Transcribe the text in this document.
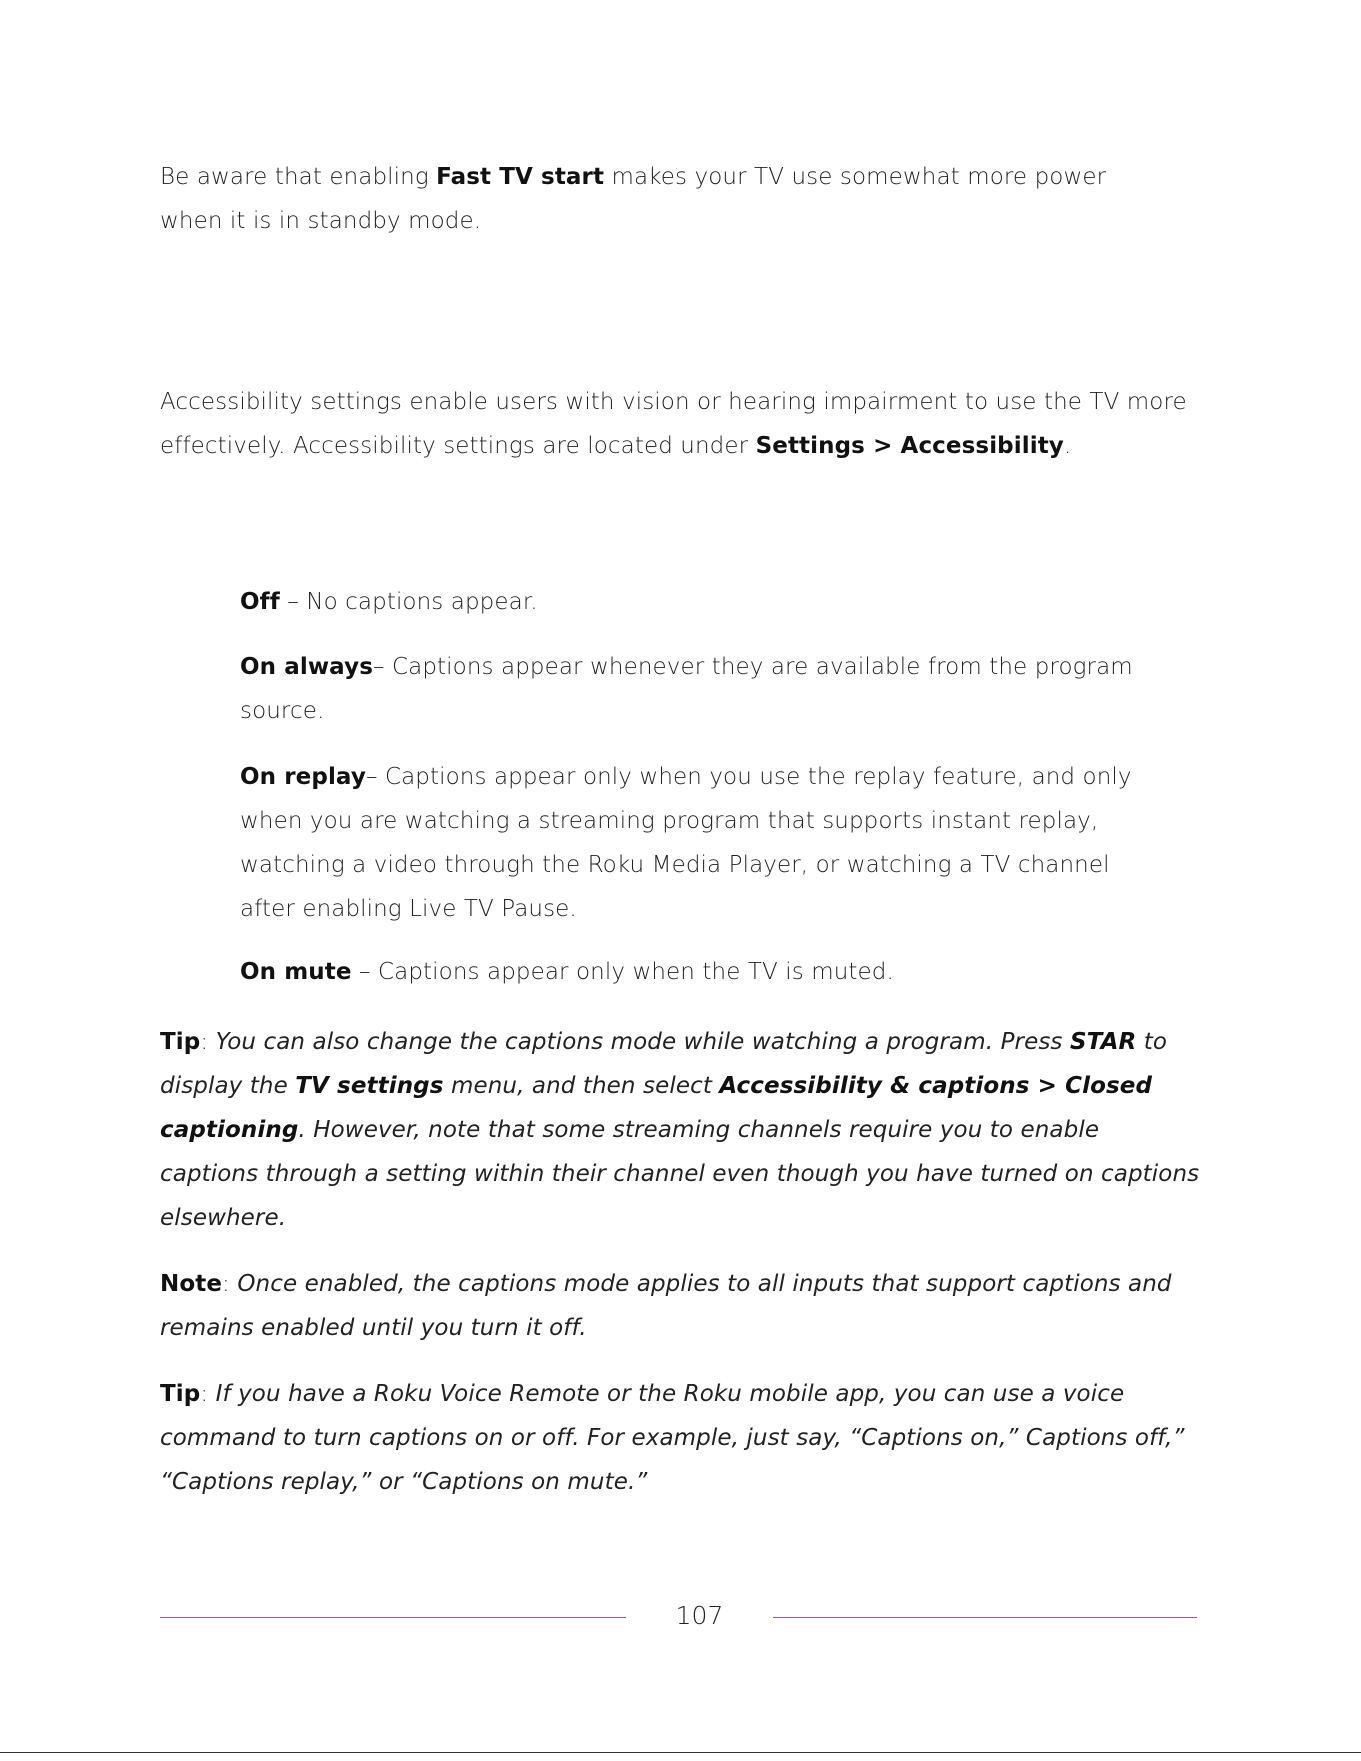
Be aware that enabling Fast TV start makes your TV use somewhat more power when it is in standby mode.

Accessibility settings enable users with vision or hearing impairment to use the TV more effectively. Accessibility settings are located under Settings > Accessibility.

Off – No captions appear.

On always– Captions appear whenever they are available from the program source.

On replay– Captions appear only when you use the replay feature, and only when you are watching a streaming program that supports instant replay, watching a video through the Roku Media Player, or watching a TV channel after enabling Live TV Pause.

On mute – Captions appear only when the TV is muted.

Tip: You can also change the captions mode while watching a program. Press STAR to display the TV settings menu, and then select Accessibility & captions > Closed captioning. However, note that some streaming channels require you to enable captions through a setting within their channel even though you have turned on captions elsewhere.

Note: Once enabled, the captions mode applies to all inputs that support captions and remains enabled until you turn it off.

Tip: If you have a Roku Voice Remote or the Roku mobile app, you can use a voice command to turn captions on or off. For example, just say, “Captions on,” Captions off,” “Captions replay,” or “Captions on mute.”

107
